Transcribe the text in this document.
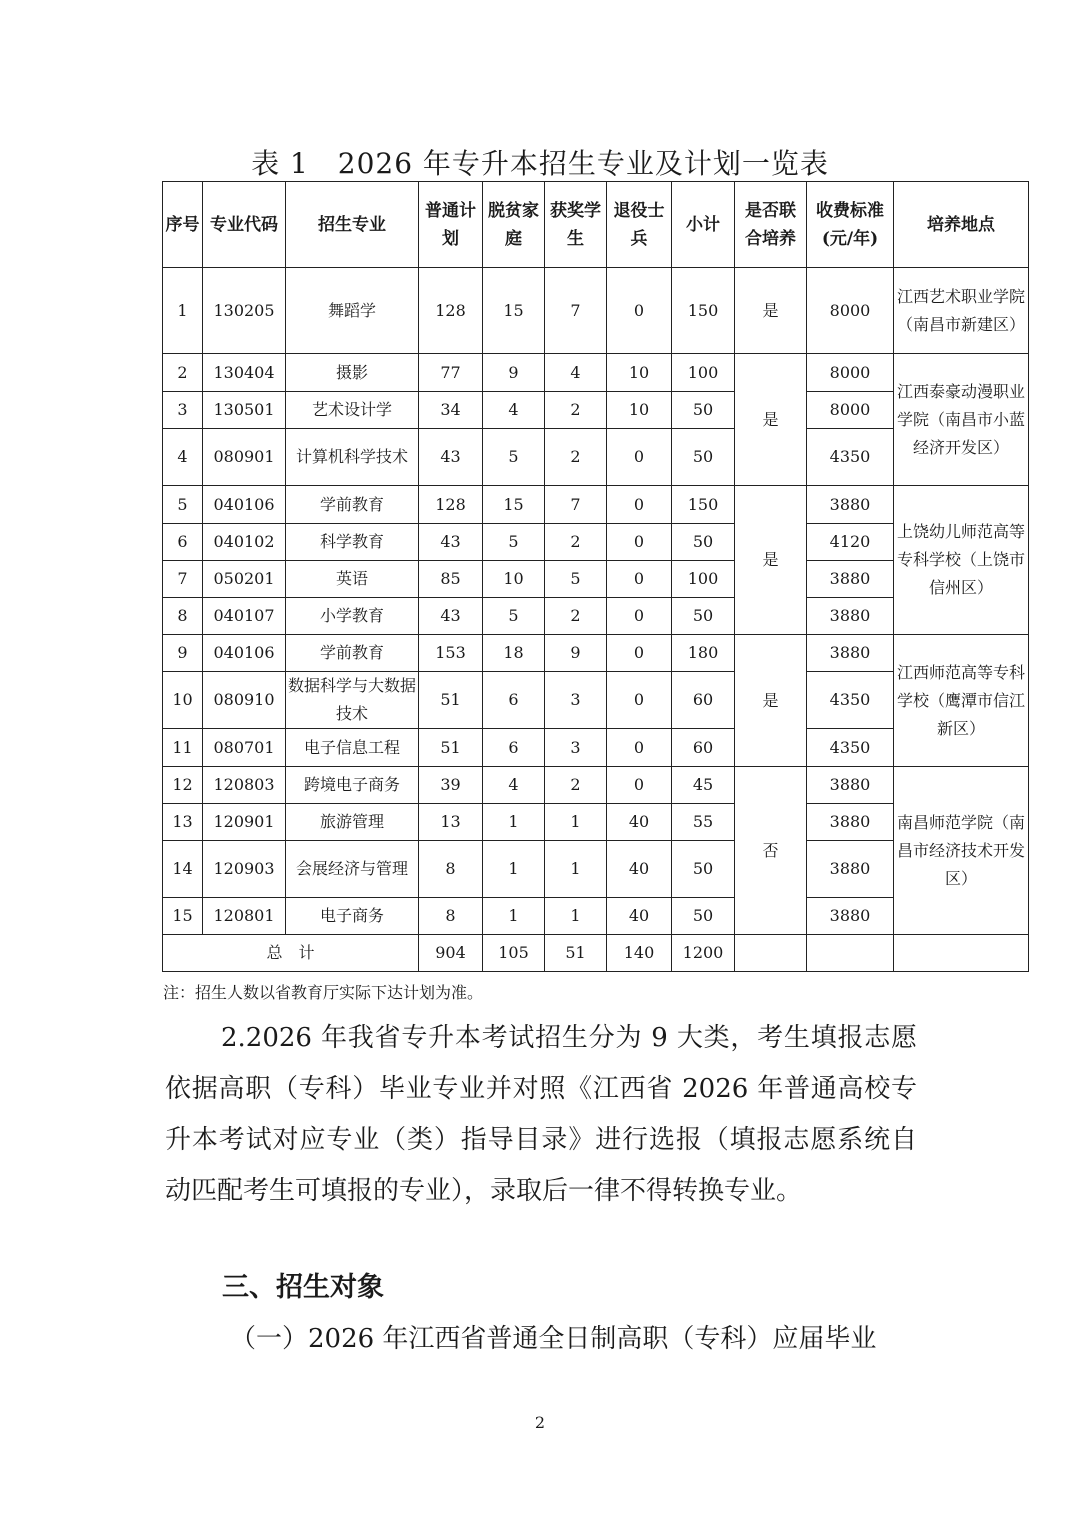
表 1　2026 年专升本招生专业及计划一览表
序号	专业代码	招生专业	普通计划	脱贫家庭	获奖学生	退役士兵	小计	是否联合培养	收费标准(元/年)	培养地点
1	130205	舞蹈学	128	15	7	0	150	是	8000	江西艺术职业学院（南昌市新建区）
2	130404	摄影	77	9	4	10	100	是	8000	江西泰豪动漫职业学院（南昌市小蓝经济开发区）
3	130501	艺术设计学	34	4	2	10	50		8000	
4	080901	计算机科学技术	43	5	2	0	50		4350	
5	040106	学前教育	128	15	7	0	150	是	3880	上饶幼儿师范高等专科学校（上饶市信州区）
6	040102	科学教育	43	5	2	0	50		4120	
7	050201	英语	85	10	5	0	100		3880	
8	040107	小学教育	43	5	2	0	50		3880	
9	040106	学前教育	153	18	9	0	180	是	3880	江西师范高等专科学校（鹰潭市信江新区）
10	080910	数据科学与大数据技术	51	6	3	0	60		4350	
11	080701	电子信息工程	51	6	3	0	60		4350	
12	120803	跨境电子商务	39	4	2	0	45	否	3880	南昌师范学院（南昌市经济技术开发区）
13	120901	旅游管理	13	1	1	40	55		3880	
14	120903	会展经济与管理	8	1	1	40	50		3880	
15	120801	电子商务	8	1	1	40	50		3880	
总　计			904	105	51	140	1200			
注：招生人数以省教育厅实际下达计划为准。

2.2026 年我省专升本考试招生分为 9 大类，考生填报志愿依据高职（专科）毕业专业并对照《江西省 2026 年普通高校专升本考试对应专业（类）指导目录》进行选报（填报志愿系统自动匹配考生可填报的专业），录取后一律不得转换专业。

三、招生对象
（一）2026 年江西省普通全日制高职（专科）应届毕业
2
